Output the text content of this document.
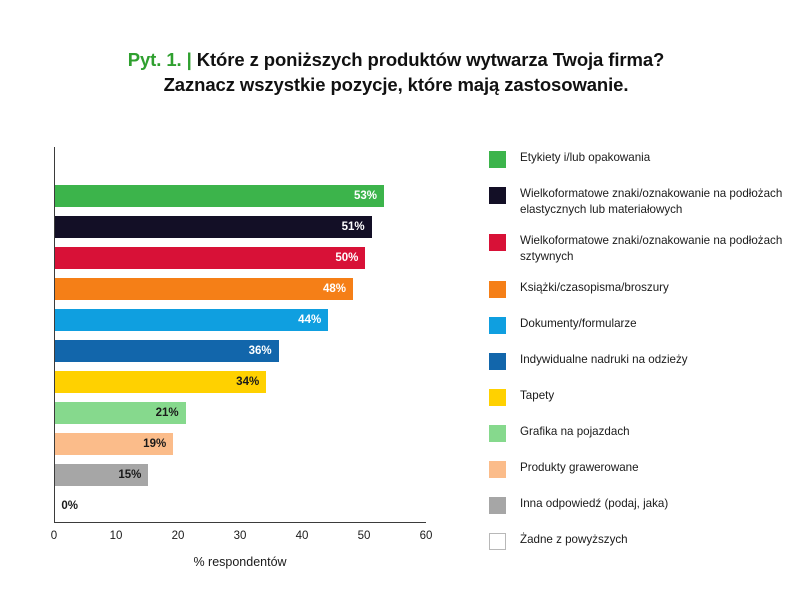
Pyt. 1. | Które z poniższych produktów wytwarza Twoja firma?
Zaznacz wszystkie pozycje, które mają zastosowanie.
53%
51%
50%
48%
44%
36%
34%
21%
19%
15%
0%
0	10	20	30	40	50	60
% respondentów
Etykiety i/lub opakowania
Wielkoformatowe znaki/oznakowanie na podłożach elastycznych lub materiałowych
Wielkoformatowe znaki/oznakowanie na podłożach sztywnych
Książki/czasopisma/broszury
Dokumenty/formularze
Indywidualne nadruki na odzieży
Tapety
Grafika na pojazdach
Produkty grawerowane
Inna odpowiedź (podaj, jaka)
Żadne z powyższych
